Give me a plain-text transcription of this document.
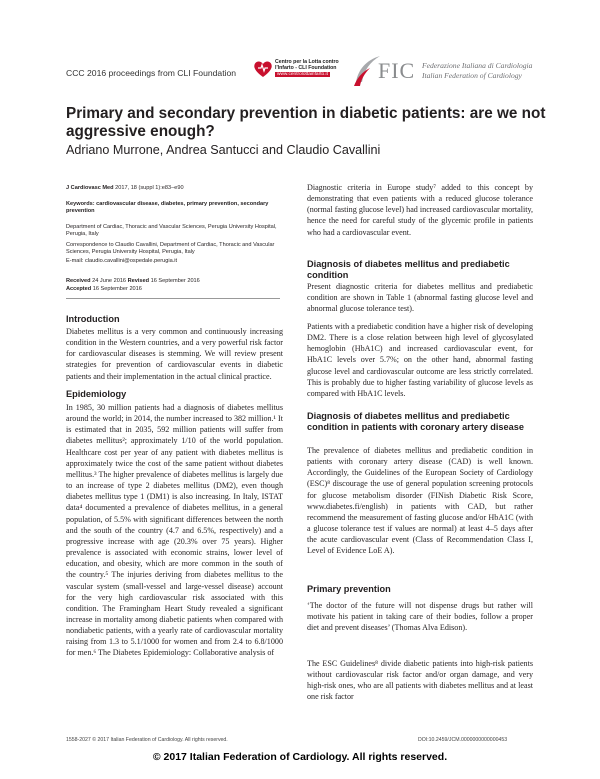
CCC 2016 proceedings from CLI Foundation
Centro per la Lotta contro
l'Infarto - CLI Foundation
www.centrolottainfarto.it FIC Federazione Italiana di Cardiologia
Italian Federation of Cardiology
Primary and secondary prevention in diabetic patients: are we not aggressive enough?
Adriano Murrone, Andrea Santucci and Claudio Cavallini
J Cardiovasc Med 2017, 18 (suppl 1):e83–e90
Keywords: cardiovascular disease, diabetes, primary prevention, secondary prevention
Department of Cardiac, Thoracic and Vascular Sciences, Perugia University Hospital, Perugia, Italy
Correspondence to Claudio Cavallini, Department of Cardiac, Thoracic and Vascular Sciences, Perugia University Hospital, Perugia, Italy
E-mail: claudio.cavallini@ospedale.perugia.it
Received 24 June 2016 Revised 16 September 2016
Accepted 16 September 2016
Introduction
Diabetes mellitus is a very common and continuously increasing condition in the Western countries, and a very powerful risk factor for cardiovascular diseases is stemming. We will review present strategies for prevention of cardiovascular events in diabetic patients and their implementation in the actual clinical practice.
Epidemiology
In 1985, 30 million patients had a diagnosis of diabetes mellitus around the world; in 2014, the number increased to 382 million.¹ It is estimated that in 2035, 592 million patients will suffer from diabetes mellitus²; approximately 1/10 of the world population. Healthcare cost per year of any patient with diabetes mellitus is approximately twice the cost of the same patient without diabetes mellitus.³ The higher prevalence of diabetes mellitus is largely due to an increase of type 2 diabetes mellitus (DM2), even though diabetes mellitus type 1 (DM1) is also increasing. In Italy, ISTAT data⁴ documented a prevalence of diabetes mellitus, in a general population, of 5.5% with significant differences between the north and the south of the country (4.7 and 6.5%, respectively) and a progressive increase with age (20.3% over 75 years). Higher prevalence is associated with economic strains, lower level of education, and obesity, which are more common in the south of the country.⁵ The injuries deriving from diabetes mellitus to the vascular system (small-vessel and large-vessel disease) account for the very high cardiovascular risk associated with this condition. The Framingham Heart Study revealed a significant increase in mortality among diabetic patients when compared with nondiabetic patients, with a yearly rate of cardiovascular mortality raising from 1.3 to 5.1/1000 for women and from 2.4 to 6.8/1000 for men.⁶ The Diabetes Epidemiology: Collaborative analysis of
Diagnostic criteria in Europe study⁷ added to this concept by demonstrating that even patients with a reduced glucose tolerance (normal fasting glucose level) had increased cardiovascular mortality, hence the need for careful study of the glycemic profile in patients who had a cardiovascular event.
Diagnosis of diabetes mellitus and prediabetic condition
Present diagnostic criteria for diabetes mellitus and prediabetic condition are shown in Table 1 (abnormal fasting glucose level and abnormal glucose tolerance test).
Patients with a prediabetic condition have a higher risk of developing DM2. There is a close relation between high level of glycosylated hemoglobin (HbA1C) and increased cardiovascular event, for HbA1C levels over 5.7%; on the other hand, abnormal fasting glucose level and cardiovascular outcome are less strictly correlated. This is probably due to higher fasting variability of glucose levels as compared with HbA1C levels.
Diagnosis of diabetes mellitus and prediabetic condition in patients with coronary artery disease
The prevalence of diabetes mellitus and prediabetic condition in patients with coronary artery disease (CAD) is well known. Accordingly, the Guidelines of the European Society of Cardiology (ESC)⁸ discourage the use of general population screening protocols for glucose metabolism disorder (FINish Diabetic Risk Score, www.diabetes.fi/english) in patients with CAD, but rather recommend the measurement of fasting glucose and/or HbA1C (with a glucose tolerance test if values are normal) at least 4–5 days after the acute cardiovascular event (Class of Recommendation Class I, Level of Evidence LoE A).
Primary prevention
‘The doctor of the future will not dispense drugs but rather will motivate his patient in taking care of their bodies, follow a proper diet and prevent diseases’ (Thomas Alva Edison).
The ESC Guidelines⁸ divide diabetic patients into high-risk patients without cardiovascular risk factor and/or organ damage, and very high-risk ones, who are all patients with diabetes mellitus and at least one risk factor
1558-2027 © 2017 Italian Federation of Cardiology. All rights reserved.	DOI:10.2459/JCM.0000000000000453
© 2017 Italian Federation of Cardiology. All rights reserved.
